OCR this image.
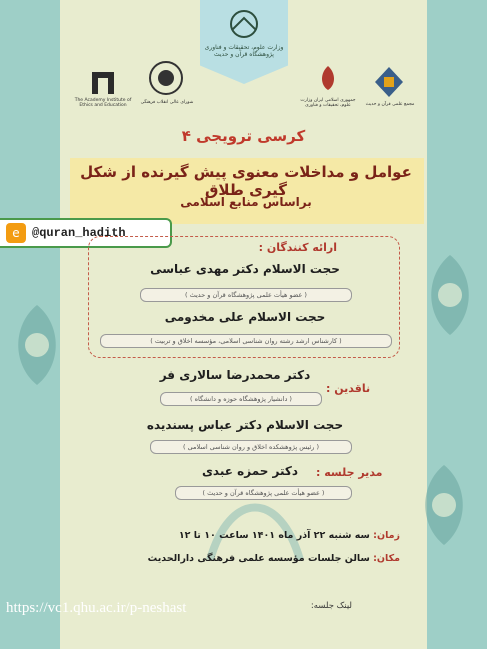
وزارت علوم، تحقیقات و فناوری پژوهشگاه قرآن و حدیث
The Academy Institute of Ethics and Education
شورای عالی انقلاب فرهنگی	جمهوری اسلامی ایران وزارت علوم، تحقیقات و فناوری	مجمع علمی قرآن و حدیث
کرسی ترویجی ۴
عوامل و مداخلات معنوی پیش گیرنده از شکل گیری طلاق
براساس منابع اسلامی
e	@quran_hadith
ارائه کنندگان :
حجت الاسلام دکتر مهدی عباسی
( عضو هیأت علمی پژوهشگاه قرآن و حدیث )
حجت الاسلام علی مخدومی
( کارشناس ارشد رشته روان شناسی اسلامی، مؤسسه اخلاق و تربیت )
ناقدین :
دکتر محمدرضا سالاری فر
( دانشیار پژوهشگاه حوزه و دانشگاه )
حجت الاسلام دکتر عباس پسندیده
( رئیس پژوهشکده اخلاق و روان شناسی اسلامی )
مدیر جلسه :
دکتر حمزه عبدی
( عضو هیأت علمی پژوهشگاه قرآن و حدیث )
زمان: سه شنبه ۲۲ آذر ماه ۱۴۰۱ ساعت ۱۰ تا ۱۲
مکان: سالن جلسات مؤسسه علمی فرهنگی دارالحدیث
لینک جلسه:
https://vc1.qhu.ac.ir/p-neshast
